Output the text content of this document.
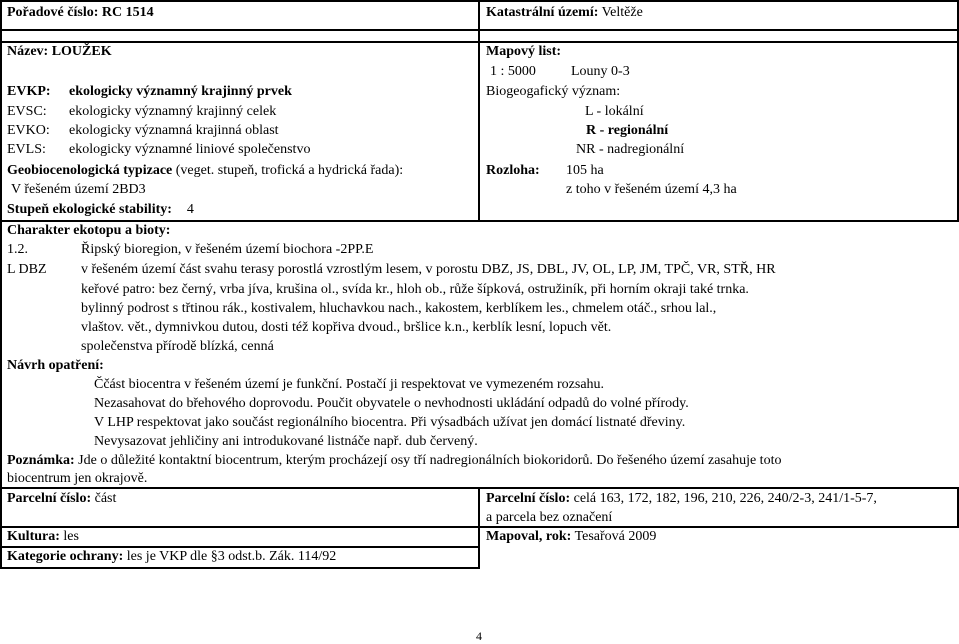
Pořadové číslo: RC 1514	Katastrální území: Veltěže
Název: LOUŽEK	Mapový list:
1 : 5000	Louny 0-3
EVKP: ekologicky významný krajinný prvek
EVSC: ekologicky významný krajinný celek
EVKO: ekologicky významná krajinná oblast
EVLS: ekologicky významné liniové společenstvo
Biogeogafický význam:
L - lokální
R - regionální
NR - nadregionální
Geobiocenologická typizace (veget. stupeň, trofická a hydrická řada):
V řešeném území 2BD3
Rozloha: 105 ha
z toho v řešeném území 4,3 ha
Stupeň ekologické stability: 4
Charakter ekotopu a bioty:
1.2.	Řipský bioregion, v řešeném území biochora -2PP.E
L DBZ v řešeném území část svahu terasy porostlá vzrostlým lesem, v porostu DBZ, JS, DBL, JV, OL, LP, JM, TPČ, VR, STŘ, HR
keřové patro: bez černý, vrba jíva, krušina ol., svída kr., hloh ob., růže šípková, ostružiník, při horním okraji také trnka.
bylinný podrost s třtinou rák., kostivalem, hluchavkou nach., kakostem, kerblíkem les., chmelem otáč., srhou lal.,
vlaštov. vět., dymnivkou dutou, dosti též kopřiva dvoud., bršlice k.n., kerblík lesní, lopuch vět.
společenstva přírodě blízká, cenná
Návrh opatření:
Ččást biocentra v řešeném území je funkční. Postačí ji respektovat ve vymezeném rozsahu.
Nezasahovat do břehového doprovodu. Poučit obyvatele o nevhodnosti ukládání odpadů do volné přírody.
V LHP respektovat jako součást regionálního biocentra. Při výsadbách užívat jen domácí listnaté dřeviny.
Nevysazovat jehličiny ani introdukované listnáče např. dub červený.
Poznámka: Jde o důležité kontaktní biocentrum, kterým procházejí osy tří nadregionálních biokoridorů. Do řešeného území zasahuje toto
biocentrum jen okrajově.
Parcelní číslo: část	Parcelní číslo: celá 163, 172, 182, 196, 210, 226, 240/2-3, 241/1-5-7,
a parcela bez označení
Kultura: les	Mapoval, rok: Tesařová 2009
Kategorie ochrany: les je VKP dle §3 odst.b. Zák. 114/92
4
